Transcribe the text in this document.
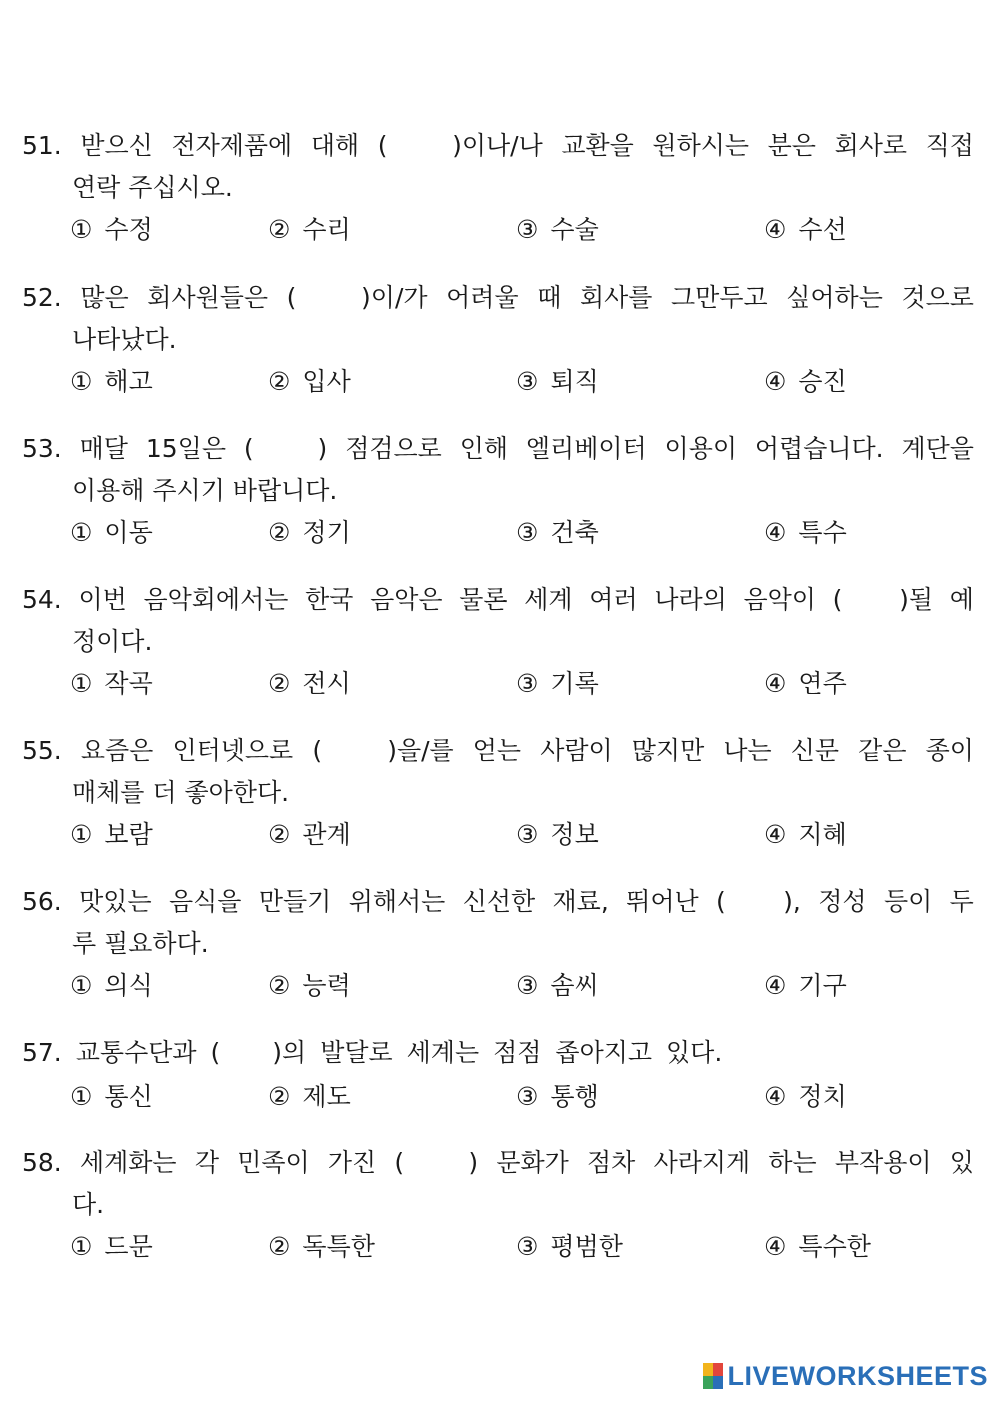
51. 받으신 전자제품에 대해 (	)이나/나 교환을 원하시는 분은 회사로 직접
연락 주십시오.
① 수정	② 수리	③ 수술	④ 수선
52. 많은 회사원들은 (	)이/가 어려울 때 회사를 그만두고 싶어하는 것으로
나타났다.
① 해고	② 입사	③ 퇴직	④ 승진
53. 매달 15일은 (	) 점검으로 인해 엘리베이터 이용이 어렵습니다. 계단을
이용해 주시기 바랍니다.
① 이동	② 정기	③ 건축	④ 특수
54. 이번 음악회에서는 한국 음악은 물론 세계 여러 나라의 음악이 ( )될 예
정이다.
① 작곡	② 전시	③ 기록	④ 연주
55. 요즘은 인터넷으로 (	)을/를 얻는 사람이 많지만 나는 신문 같은 종이
매체를 더 좋아한다.
① 보람	② 관계	③ 정보	④ 지혜
56. 맛있는 음식을 만들기 위해서는 신선한 재료, 뛰어난 ( ), 정성 등이 두
루 필요하다.
① 의식	② 능력	③ 솜씨	④ 기구
57. 교통수단과 ( )의 발달로 세계는 점점 좁아지고 있다.
① 통신	② 제도	③ 통행	④ 정치
58. 세계화는 각 민족이 가진 (	) 문화가 점차 사라지게 하는 부작용이 있
다.
① 드문	② 독특한	③ 평범한	④ 특수한
LIVEWORKSHEETS
